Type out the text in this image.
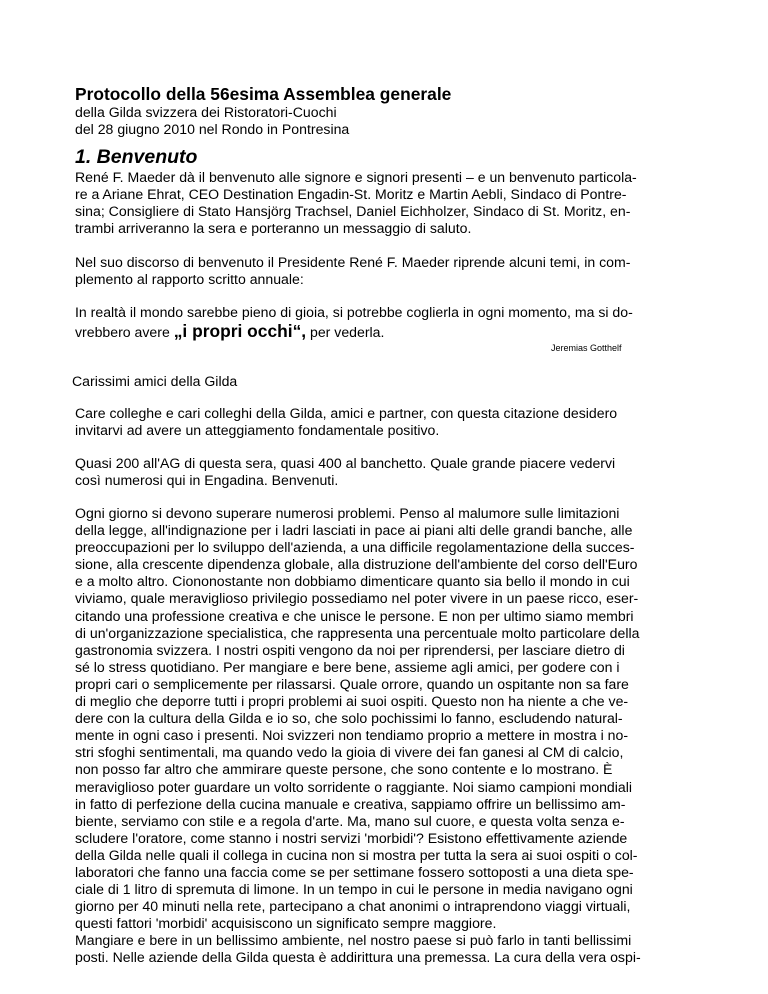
Protocollo della 56esima Assemblea generale
della Gilda svizzera dei Ristoratori-Cuochi
del 28 giugno 2010 nel Rondo in Pontresina
1. Benvenuto
René F. Maeder dà il benvenuto alle signore e signori presenti – e un benvenuto particola-
re a Ariane Ehrat, CEO Destination Engadin-St. Moritz e Martin Aebli, Sindaco di Pontre-
sina; Consigliere di Stato Hansjörg Trachsel, Daniel Eichholzer, Sindaco di St. Moritz, en-
trambi arriveranno la sera e porteranno un messaggio di saluto.
Nel suo discorso di benvenuto il Presidente René F. Maeder riprende alcuni temi, in com-
plemento al rapporto scritto annuale:
In realtà il mondo sarebbe pieno di gioia, si potrebbe coglierla in ogni momento, ma si do-
vrebbero avere „i propri occhi“, per vederla.
Jeremias Gotthelf
Carissimi amici della Gilda
Care colleghe e cari colleghi della Gilda, amici e partner, con questa citazione desidero
invitarvi ad avere un atteggiamento fondamentale positivo.
Quasi 200 all'AG di questa sera, quasi 400 al banchetto. Quale grande piacere vedervi
così numerosi qui in Engadina. Benvenuti.
Ogni giorno si devono superare numerosi problemi. Penso al malumore sulle limitazioni
della legge, all'indignazione per i ladri lasciati in pace ai piani alti delle grandi banche, alle
preoccupazioni per lo sviluppo dell'azienda, a una difficile regolamentazione della succes-
sione, alla crescente dipendenza globale, alla distruzione dell'ambiente del corso dell'Euro
e a molto altro. Ciononostante non dobbiamo dimenticare quanto sia bello il mondo in cui
viviamo, quale meraviglioso privilegio possediamo nel poter vivere in un paese ricco, eser-
citando una professione creativa e che unisce le persone. E non per ultimo siamo membri
di un'organizzazione specialistica, che rappresenta una percentuale molto particolare della
gastronomia svizzera. I nostri ospiti vengono da noi per riprendersi, per lasciare dietro di
sé lo stress quotidiano. Per mangiare e bere bene, assieme agli amici, per godere con i
propri cari o semplicemente per rilassarsi. Quale orrore, quando un ospitante non sa fare
di meglio che deporre tutti i propri problemi ai suoi ospiti. Questo non ha niente a che ve-
dere con la cultura della Gilda e io so, che solo pochissimi lo fanno, escludendo natural-
mente in ogni caso i presenti. Noi svizzeri non tendiamo proprio a mettere in mostra i no-
stri sfoghi sentimentali, ma quando vedo la gioia di vivere dei fan ganesi al CM di calcio,
non posso far altro che ammirare queste persone, che sono contente e lo mostrano. È
meraviglioso poter guardare un volto sorridente o raggiante. Noi siamo campioni mondiali
in fatto di perfezione della cucina manuale e creativa, sappiamo offrire un bellissimo am-
biente, serviamo con stile e a regola d'arte. Ma, mano sul cuore, e questa volta senza e-
scludere l'oratore, come stanno i nostri servizi 'morbidi'? Esistono effettivamente aziende
della Gilda nelle quali il collega in cucina non si mostra per tutta la sera ai suoi ospiti o col-
laboratori che fanno una faccia come se per settimane fossero sottoposti a una dieta spe-
ciale di 1 litro di spremuta di limone. In un tempo in cui le persone in media navigano ogni
giorno per 40 minuti nella rete, partecipano a chat anonimi o intraprendono viaggi virtuali,
questi fattori 'morbidi' acquisiscono un significato sempre maggiore.
Mangiare e bere in un bellissimo ambiente, nel nostro paese si può farlo in tanti bellissimi
posti. Nelle aziende della Gilda questa è addirittura una premessa. La cura della vera ospi-
